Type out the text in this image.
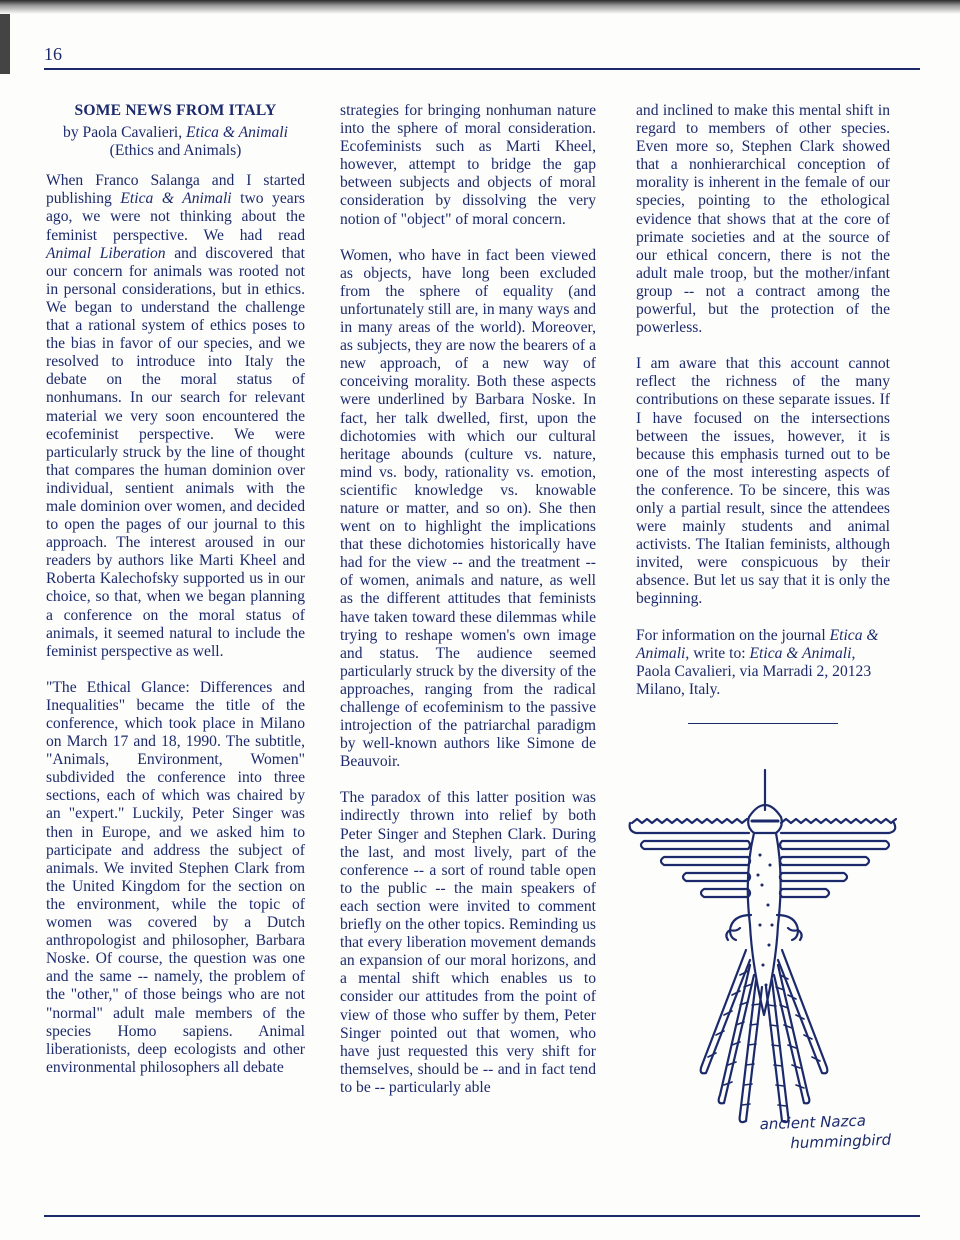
16
SOME NEWS FROM ITALY
by Paola Cavalieri, Etica & Animali
(Ethics and Animals)

When Franco Salanga and I started publishing Etica & Animali two years ago, we were not thinking about the feminist perspective. We had read Animal Liberation and discovered that our concern for animals was rooted not in personal considerations, but in ethics. We began to understand the challenge that a rational system of ethics poses to the bias in favor of our species, and we resolved to introduce into Italy the debate on the moral status of nonhumans. In our search for relevant material we very soon encountered the ecofeminist perspective. We were particularly struck by the line of thought that compares the human dominion over individual, sentient animals with the male dominion over women, and decided to open the pages of our journal to this approach. The interest aroused in our readers by authors like Marti Kheel and Roberta Kalechofsky supported us in our choice, so that, when we began planning a conference on the moral status of animals, it seemed natural to include the feminist perspective as well.

"The Ethical Glance: Differences and Inequalities" became the title of the conference, which took place in Milano on March 17 and 18, 1990. The subtitle, "Animals, Environment, Women" subdivided the conference into three sections, each of which was chaired by an "expert." Luckily, Peter Singer was then in Europe, and we asked him to participate and address the subject of animals. We invited Stephen Clark from the United Kingdom for the section on the environment, while the topic of women was covered by a Dutch anthropologist and philosopher, Barbara Noske. Of course, the question was one and the same -- namely, the problem of the "other," of those beings who are not "normal" adult male members of the species Homo sapiens. Animal liberationists, deep ecologists and other environmental philosophers all debate

strategies for bringing nonhuman nature into the sphere of moral consideration. Ecofeminists such as Marti Kheel, however, attempt to bridge the gap between subjects and objects of moral consideration by dissolving the very notion of "object" of moral concern.

Women, who have in fact been viewed as objects, have long been excluded from the sphere of equality (and unfortunately still are, in many ways and in many areas of the world). Moreover, as subjects, they are now the bearers of a new approach, of a new way of conceiving morality. Both these aspects were underlined by Barbara Noske. In fact, her talk dwelled, first, upon the dichotomies with which our cultural heritage abounds (culture vs. nature, mind vs. body, rationality vs. emotion, scientific knowledge vs. knowable nature or matter, and so on). She then went on to highlight the implications that these dichotomies historically have had for the view -- and the treatment -- of women, animals and nature, as well as the different attitudes that feminists have taken toward these dilemmas while trying to reshape women's own image and status. The audience seemed particularly struck by the diversity of the approaches, ranging from the radical challenge of ecofeminism to the passive introjection of the patriarchal paradigm by well-known authors like Simone de Beauvoir.

The paradox of this latter position was indirectly thrown into relief by both Peter Singer and Stephen Clark. During the last, and most lively, part of the conference -- a sort of round table open to the public -- the main speakers of each section were invited to comment briefly on the other topics. Reminding us that every liberation movement demands an expansion of our moral horizons, and a mental shift which enables us to consider our attitudes from the point of view of those who suffer by them, Peter Singer pointed out that women, who have just requested this very shift for themselves, should be -- and in fact tend to be -- particularly able

and inclined to make this mental shift in regard to members of other species. Even more so, Stephen Clark showed that a nonhierarchical conception of morality is inherent in the female of our species, pointing to the ethological evidence that shows that at the core of primate societies and at the source of our ethical concern, there is not the adult male troop, but the mother/infant group -- not a contract among the powerful, but the protection of the powerless.

I am aware that this account cannot reflect the richness of the many contributions on these separate issues. If I have focused on the intersections between the issues, however, it is because this emphasis turned out to be one of the most interesting aspects of the conference. To be sincere, this was only a partial result, since the attendees were mainly students and animal activists. The Italian feminists, although invited, were conspicuous by their absence. But let us say that it is only the beginning.

For information on the journal Etica & Animali, write to: Etica & Animali, Paola Cavalieri, via Marradi 2, 20123 Milano, Italy.

ancient Nazca
hummingbird
